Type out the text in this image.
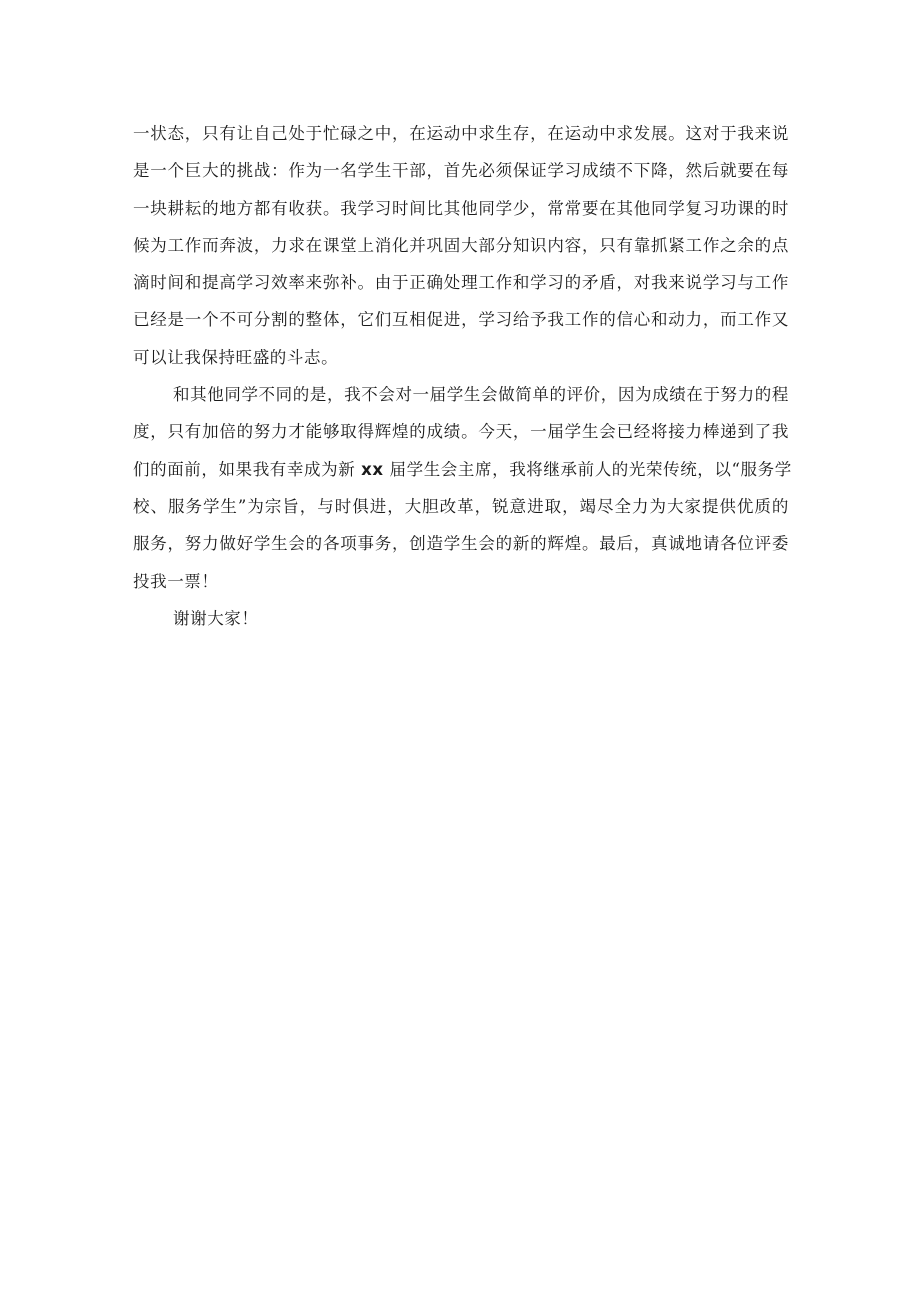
一状态，只有让自己处于忙碌之中，在运动中求生存，在运动中求发展。这对于我来说
是一个巨大的挑战：作为一名学生干部，首先必须保证学习成绩不下降，然后就要在每
一块耕耘的地方都有收获。我学习时间比其他同学少，常常要在其他同学复习功课的时
候为工作而奔波，力求在课堂上消化并巩固大部分知识内容，只有靠抓紧工作之余的点
滴时间和提高学习效率来弥补。由于正确处理工作和学习的矛盾，对我来说学习与工作
已经是一个不可分割的整体，它们互相促进，学习给予我工作的信心和动力，而工作又
可以让我保持旺盛的斗志。

和其他同学不同的是，我不会对一届学生会做简单的评价，因为成绩在于努力的程
度，只有加倍的努力才能够取得辉煌的成绩。今天，一届学生会已经将接力棒递到了我
们的面前，如果我有幸成为新 xx 届学生会主席，我将继承前人的光荣传统，以“服务学
校、服务学生”为宗旨，与时俱进，大胆改革，锐意进取，竭尽全力为大家提供优质的
服务，努力做好学生会的各项事务，创造学生会的新的辉煌。最后，真诚地请各位评委
投我一票！

谢谢大家！
